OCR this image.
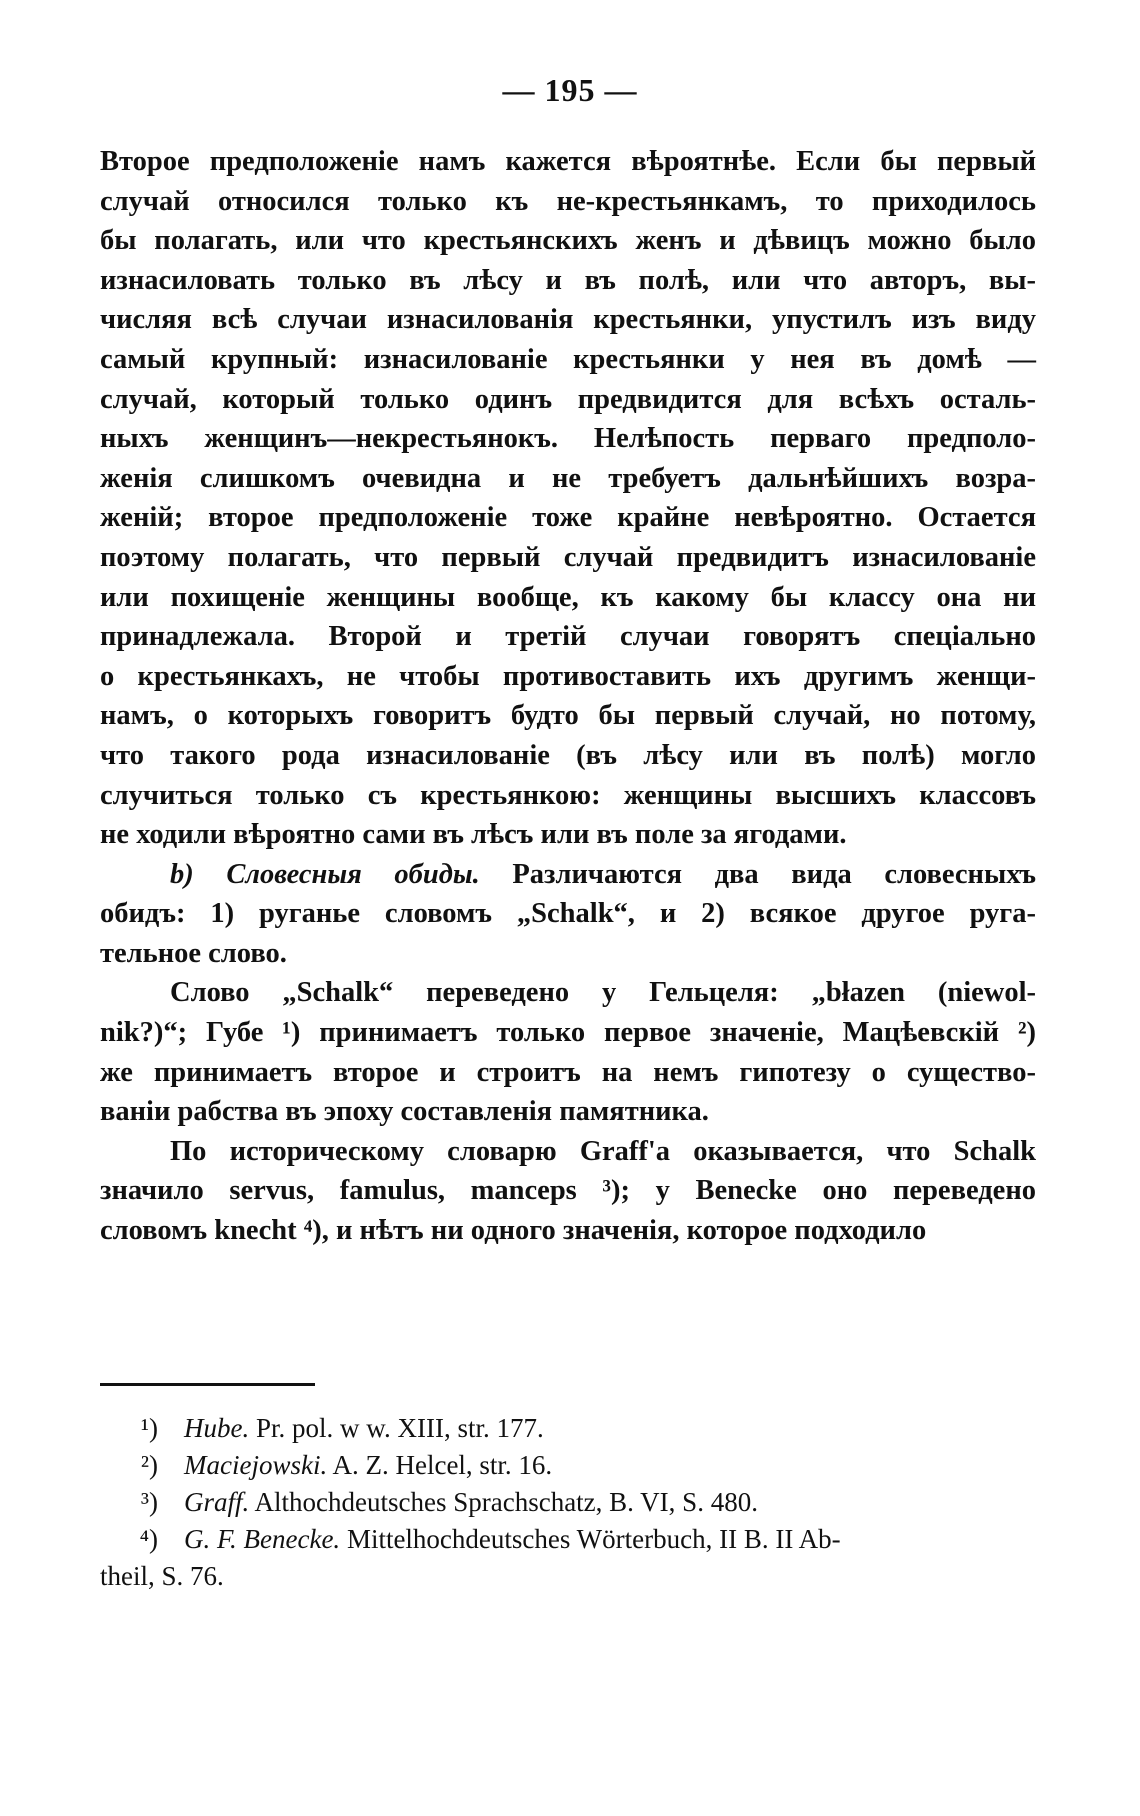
— 195 —

Второе предположеніе намъ кажется вѣроятнѣе. Если бы первый
случай относился только къ не-крестьянкамъ, то приходилось
бы полагать, или что крестьянскихъ женъ и дѣвицъ можно было
изнасиловать только въ лѣсу и въ полѣ, или что авторъ, вы-
числяя всѣ случаи изнасилованія крестьянки, упустилъ изъ виду
самый крупный: изнасилованіе крестьянки у нея въ домѣ —
случай, который только одинъ предвидится для всѣхъ осталь-
ныхъ женщинъ—некрестьянокъ. Нелѣпость перваго предполо-
женія слишкомъ очевидна и не требуетъ дальнѣйшихъ возра-
женій; второе предположеніе тоже крайне невѣроятно. Остается
поэтому полагать, что первый случай предвидитъ изнасилованіе
или похищеніе женщины вообще, къ какому бы классу она ни
принадлежала. Второй и третій случаи говорятъ спеціально
о крестьянкахъ, не чтобы противоставить ихъ другимъ женщи-
намъ, о которыхъ говоритъ будто бы первый случай, но потому,
что такого рода изнасилованіе (въ лѣсу или въ полѣ) могло
случиться только съ крестьянкою: женщины высшихъ классовъ
не ходили вѣроятно сами въ лѣсъ или въ поле за ягодами.

b) Словесныя обиды. Различаются два вида словесныхъ
обидъ: 1) руганье словомъ „Schalk“, и 2) всякое другое руга-
тельное слово.

Слово „Schalk“ переведено у Гельцеля: „błazen (niewol-
nik?)“; Губе ¹) принимаетъ только первое значеніе, Мацѣевскій ²)
же принимаетъ второе и строитъ на немъ гипотезу о существо-
ваніи рабства въ эпоху составленія памятника.

По историческому словарю Graff'а оказывается, что Schalk
значило servus, famulus, manceps ³); у Benecke оно переведено
словомъ knecht ⁴), и нѣтъ ни одного значенія, которое подходило

¹) Hube. Pr. pol. w w. XIII, str. 177.
²) Maciejowski. A. Z. Helcel, str. 16.
³) Graff. Althochdeutsches Sprachschatz, B. VI, S. 480.
⁴) G. F. Benecke. Mittelhochdeutsches Wörterbuch, II B. II Ab-
theil, S. 76.
